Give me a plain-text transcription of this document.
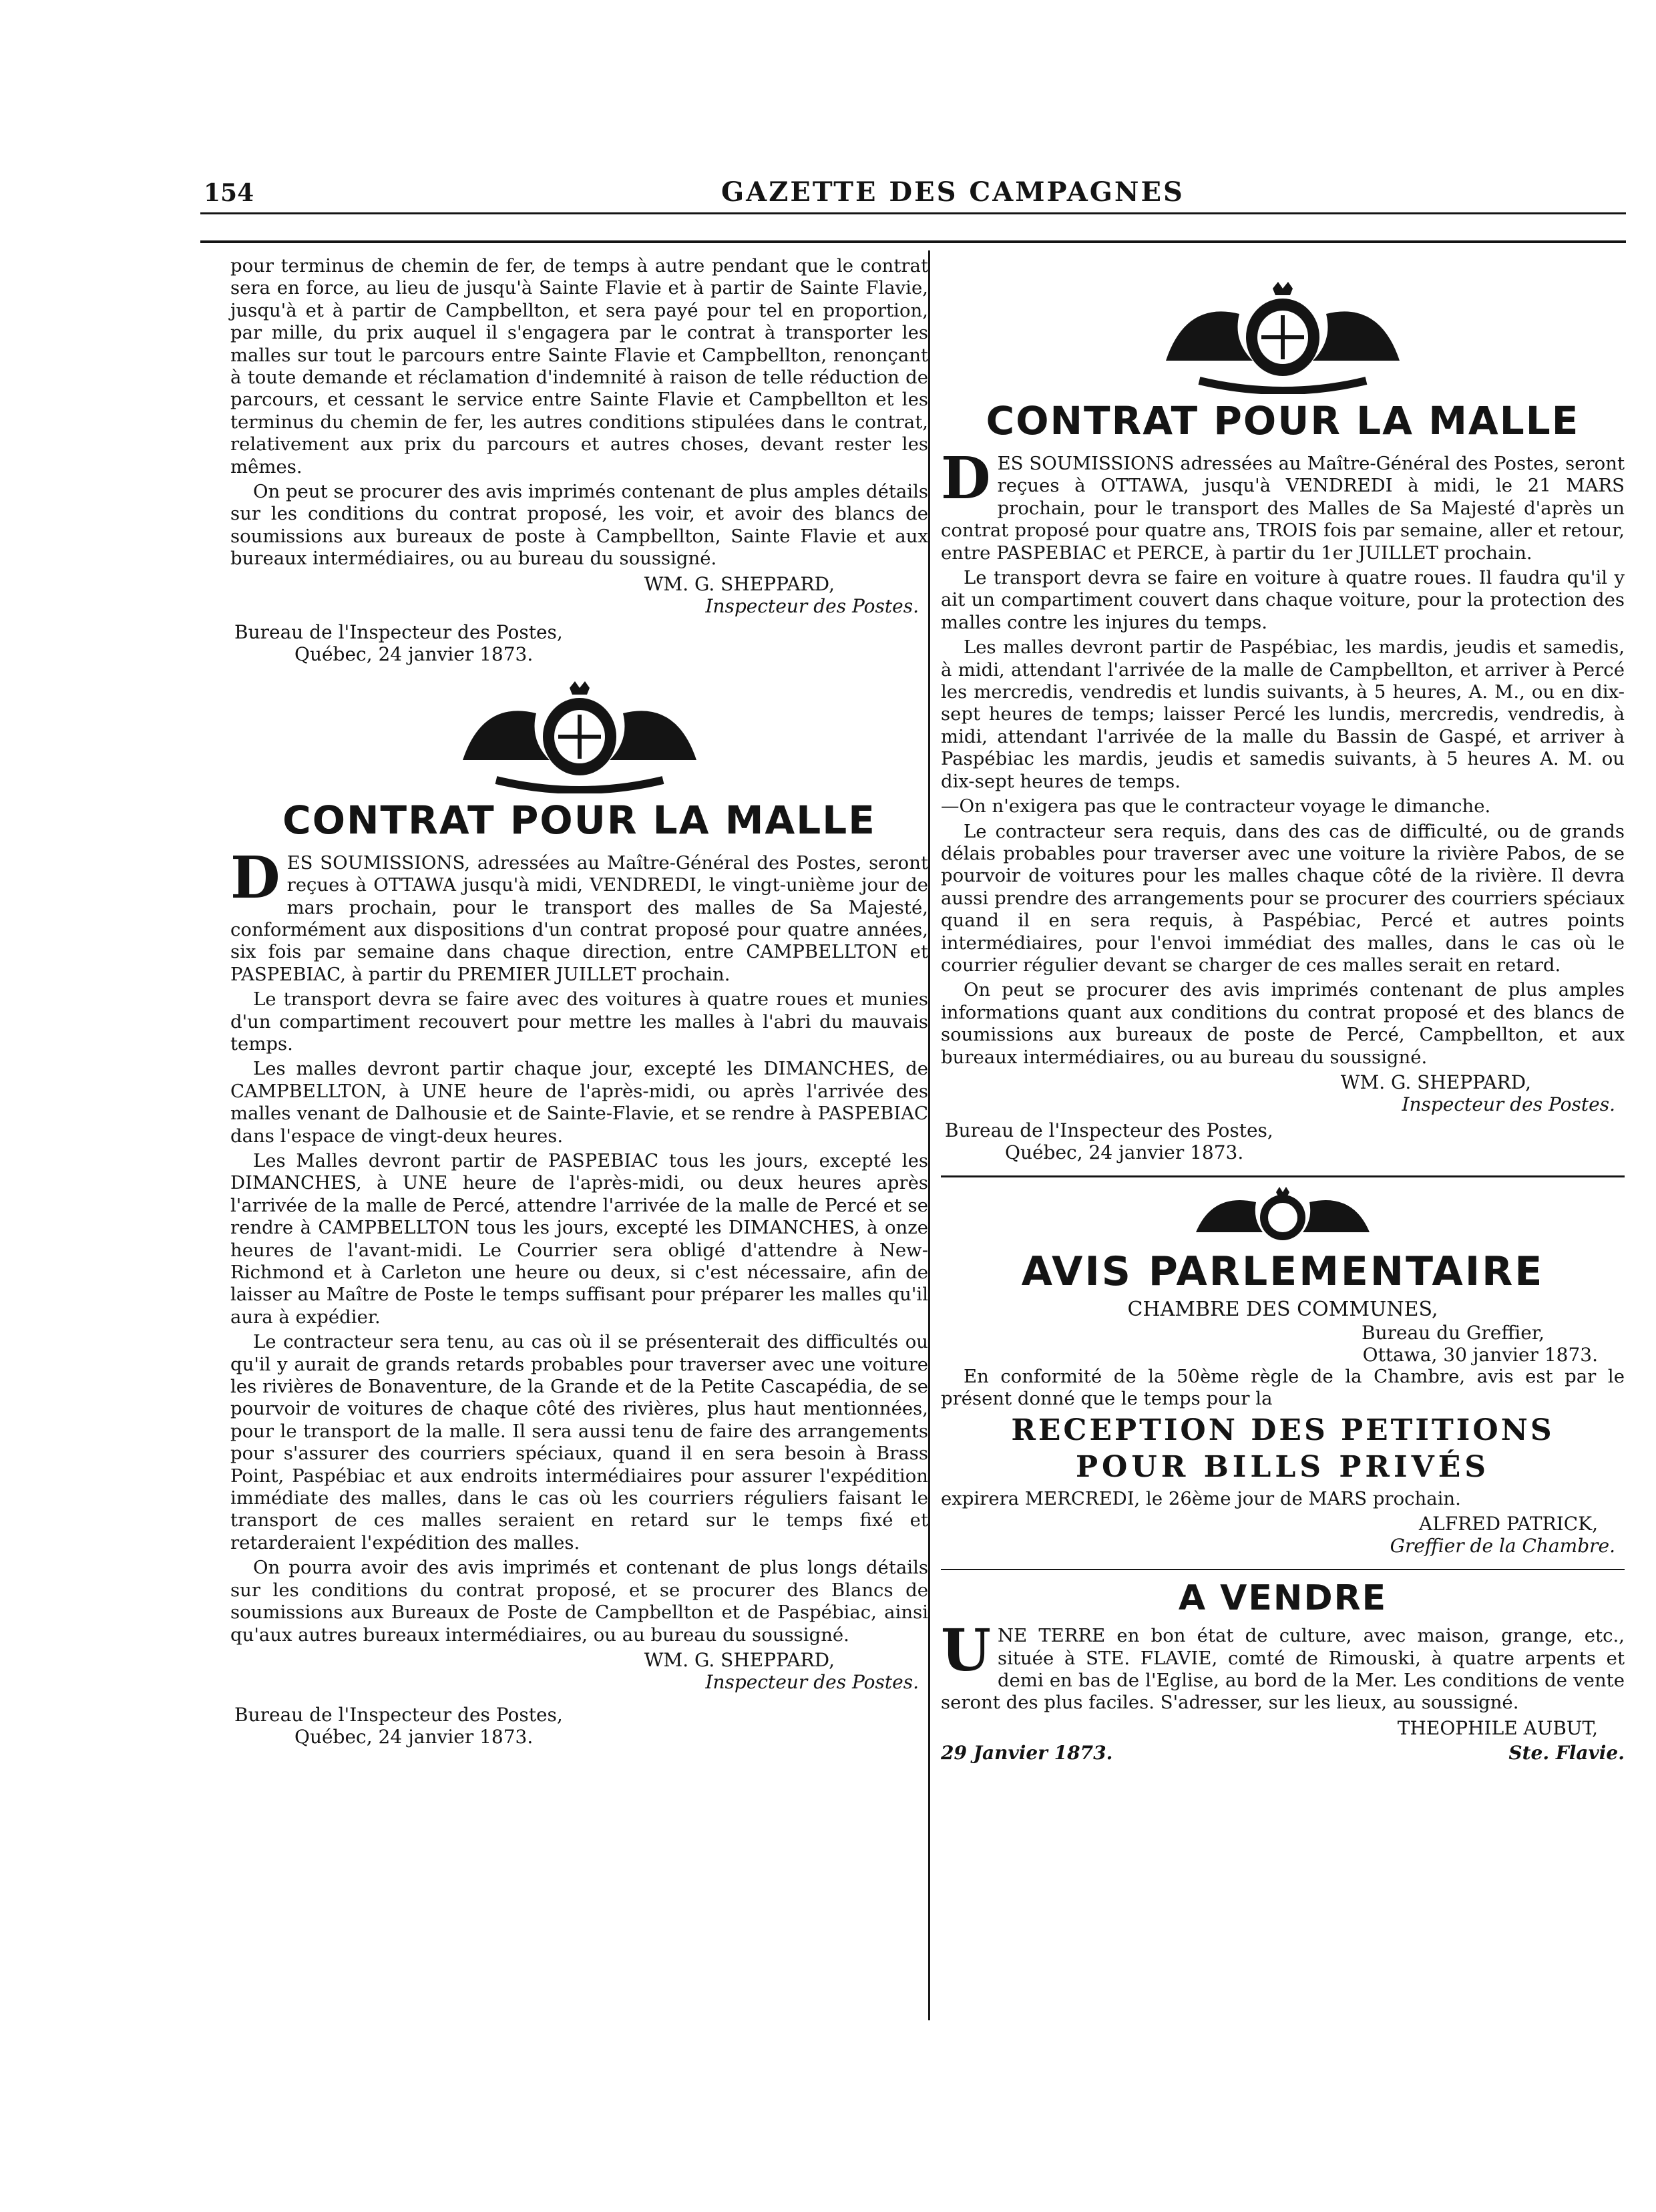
154	GAZETTE DES CAMPAGNES

pour terminus de chemin de fer, de temps à autre pendant que le contrat sera en force, au lieu de jusqu'à Sainte Flavie et à partir de Sainte Flavie, jusqu'à et à partir de Campbellton, et sera payé pour tel en proportion, par mille, du prix auquel il s'engagera par le contrat à transporter les malles sur tout le parcours entre Sainte Flavie et Campbellton, renonçant à toute demande et réclamation d'indemnité à raison de telle réduction de parcours, et cessant le service entre Sainte Flavie et Campbellton et les terminus du chemin de fer, les autres conditions stipulées dans le contrat, relativement aux prix du parcours et autres choses, devant rester les mêmes.

On peut se procurer des avis imprimés contenant de plus amples détails sur les conditions du contrat proposé, les voir, et avoir des blancs de soumissions aux bureaux de poste à Campbellton, Sainte Flavie et aux bureaux intermédiaires, ou au bureau du soussigné.

WM. G. SHEPPARD,
Inspecteur des Postes.
Bureau de l'Inspecteur des Postes,
Québec, 24 janvier 1873.
CONTRAT POUR LA MALLE

DES SOUMISSIONS, adressées au Maître-Général des Postes, seront reçues à OTTAWA jusqu'à midi, VENDREDI, le vingt-unième jour de mars prochain, pour le transport des malles de Sa Majesté, conformément aux dispositions d'un contrat proposé pour quatre années, six fois par semaine dans chaque direction, entre CAMPBELLTON et PASPEBIAC, à partir du PREMIER JUILLET prochain.

Le transport devra se faire avec des voitures à quatre roues et munies d'un compartiment recouvert pour mettre les malles à l'abri du mauvais temps.

Les malles devront partir chaque jour, excepté les DIMANCHES, de CAMPBELLTON, à UNE heure de l'après-midi, ou après l'arrivée des malles venant de Dalhousie et de Sainte-Flavie, et se rendre à PASPEBIAC dans l'espace de vingt-deux heures.

Les Malles devront partir de PASPEBIAC tous les jours, excepté les DIMANCHES, à UNE heure de l'après-midi, ou deux heures après l'arrivée de la malle de Percé, attendre l'arrivée de la malle de Percé et se rendre à CAMPBELLTON tous les jours, excepté les DIMANCHES, à onze heures de l'avant-midi. Le Courrier sera obligé d'attendre à New-Richmond et à Carleton une heure ou deux, si c'est nécessaire, afin de laisser au Maître de Poste le temps suffisant pour préparer les malles qu'il aura à expédier.

Le contracteur sera tenu, au cas où il se présenterait des difficultés ou qu'il y aurait de grands retards probables pour traverser avec une voiture les rivières de Bonaventure, de la Grande et de la Petite Cascapédia, de se pourvoir de voitures de chaque côté des rivières, plus haut mentionnées, pour le transport de la malle. Il sera aussi tenu de faire des arrangements pour s'assurer des courriers spéciaux, quand il en sera besoin à Brass Point, Paspébiac et aux endroits intermédiaires pour assurer l'expédition immédiate des malles, dans le cas où les courriers réguliers faisant le transport de ces malles seraient en retard sur le temps fixé et retarderaient l'expédition des malles.

On pourra avoir des avis imprimés et contenant de plus longs détails sur les conditions du contrat proposé, et se procurer des Blancs de soumissions aux Bureaux de Poste de Campbellton et de Paspébiac, ainsi qu'aux autres bureaux intermédiaires, ou au bureau du soussigné.

WM. G. SHEPPARD,
Inspecteur des Postes.
Bureau de l'Inspecteur des Postes,
Québec, 24 janvier 1873.
CONTRAT POUR LA MALLE

DES SOUMISSIONS adressées au Maître-Général des Postes, seront reçues à OTTAWA, jusqu'à VENDREDI à midi, le 21 MARS prochain, pour le transport des Malles de Sa Majesté d'après un contrat proposé pour quatre ans, TROIS fois par semaine, aller et retour, entre PASPEBIAC et PERCE, à partir du 1er JUILLET prochain.

Le transport devra se faire en voiture à quatre roues. Il faudra qu'il y ait un compartiment couvert dans chaque voiture, pour la protection des malles contre les injures du temps.

Les malles devront partir de Paspébiac, les mardis, jeudis et samedis, à midi, attendant l'arrivée de la malle de Campbellton, et arriver à Percé les mercredis, vendredis et lundis suivants, à 5 heures, A. M., ou en dix-sept heures de temps; laisser Percé les lundis, mercredis, vendredis, à midi, attendant l'arrivée de la malle du Bassin de Gaspé, et arriver à Paspébiac les mardis, jeudis et samedis suivants, à 5 heures A. M. ou dix-sept heures de temps.

—On n'exigera pas que le contracteur voyage le dimanche.

Le contracteur sera requis, dans des cas de difficulté, ou de grands délais probables pour traverser avec une voiture la rivière Pabos, de se pourvoir de voitures pour les malles chaque côté de la rivière. Il devra aussi prendre des arrangements pour se procurer des courriers spéciaux quand il en sera requis, à Paspébiac, Percé et autres points intermédiaires, pour l'envoi immédiat des malles, dans le cas où le courrier régulier devant se charger de ces malles serait en retard.

On peut se procurer des avis imprimés contenant de plus amples informations quant aux conditions du contrat proposé et des blancs de soumissions aux bureaux de poste de Percé, Campbellton, et aux bureaux intermédiaires, ou au bureau du soussigné.

WM. G. SHEPPARD,
Inspecteur des Postes.
Bureau de l'Inspecteur des Postes,
Québec, 24 janvier 1873.
AVIS PARLEMENTAIRE
CHAMBRE DES COMMUNES,
Bureau du Greffier,
Ottawa, 30 janvier 1873.

En conformité de la 50ème règle de la Chambre, avis est par le présent donné que le temps pour la

RECEPTION DES PETITIONS
POUR BILLS PRIVÉS

expirera MERCREDI, le 26ème jour de MARS prochain.

ALFRED PATRICK,
Greffier de la Chambre.
A VENDRE

UNE TERRE en bon état de culture, avec maison, grange, etc., située à STE. FLAVIE, comté de Rimouski, à quatre arpents et demi en bas de l'Eglise, au bord de la Mer. Les conditions de vente seront des plus faciles. S'adresser, sur les lieux, au soussigné.

THEOPHILE AUBUT,
29 Janvier 1873.	Ste. Flavie.
